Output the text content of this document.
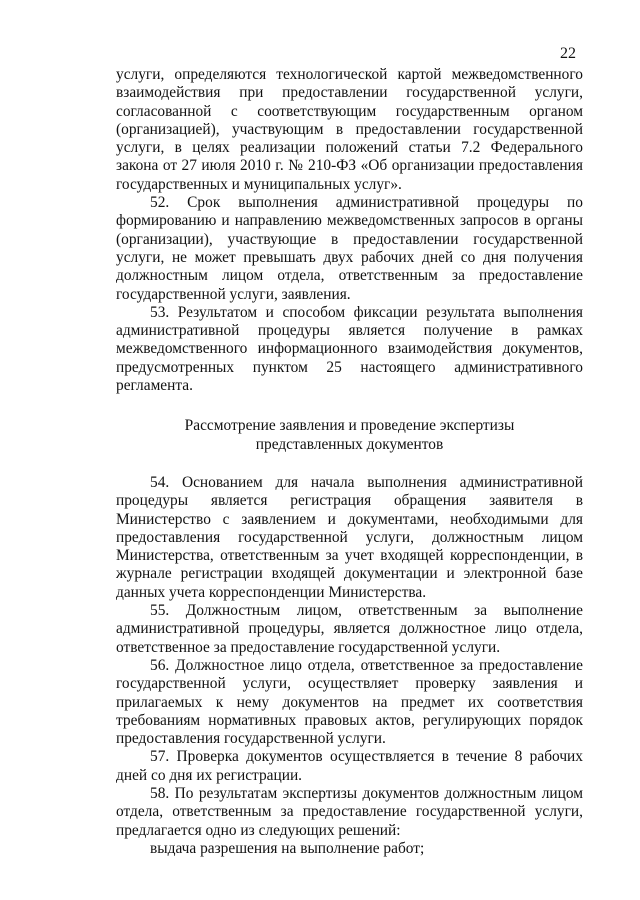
22

услуги, определяются технологической картой межведомственного взаимодействия при предоставлении государственной услуги, согласованной с соответствующим государственным органом (организацией), участвующим в предоставлении государственной услуги, в целях реализации положений статьи 7.2 Федерального закона от 27 июля 2010 г. № 210-ФЗ «Об организации предоставления государственных и муниципальных услуг».

52. Срок выполнения административной процедуры по формированию и направлению межведомственных запросов в органы (организации), участвующие в предоставлении государственной услуги, не может превышать двух рабочих дней со дня получения должностным лицом отдела, ответственным за предоставление государственной услуги, заявления.

53. Результатом и способом фиксации результата выполнения административной процедуры является получение в рамках межведомственного информационного взаимодействия документов, предусмотренных пунктом 25 настоящего административного регламента.

Рассмотрение заявления и проведение экспертизы представленных документов

54. Основанием для начала выполнения административной процедуры является регистрация обращения заявителя в Министерство с заявлением и документами, необходимыми для предоставления государственной услуги, должностным лицом Министерства, ответственным за учет входящей корреспонденции, в журнале регистрации входящей документации и электронной базе данных учета корреспонденции Министерства.

55. Должностным лицом, ответственным за выполнение административной процедуры, является должностное лицо отдела, ответственное за предоставление государственной услуги.

56. Должностное лицо отдела, ответственное за предоставление государственной услуги, осуществляет проверку заявления и прилагаемых к нему документов на предмет их соответствия требованиям нормативных правовых актов, регулирующих порядок предоставления государственной услуги.

57. Проверка документов осуществляется в течение 8 рабочих дней со дня их регистрации.

58. По результатам экспертизы документов должностным лицом отдела, ответственным за предоставление государственной услуги, предлагается одно из следующих решений:

выдача разрешения на выполнение работ;
